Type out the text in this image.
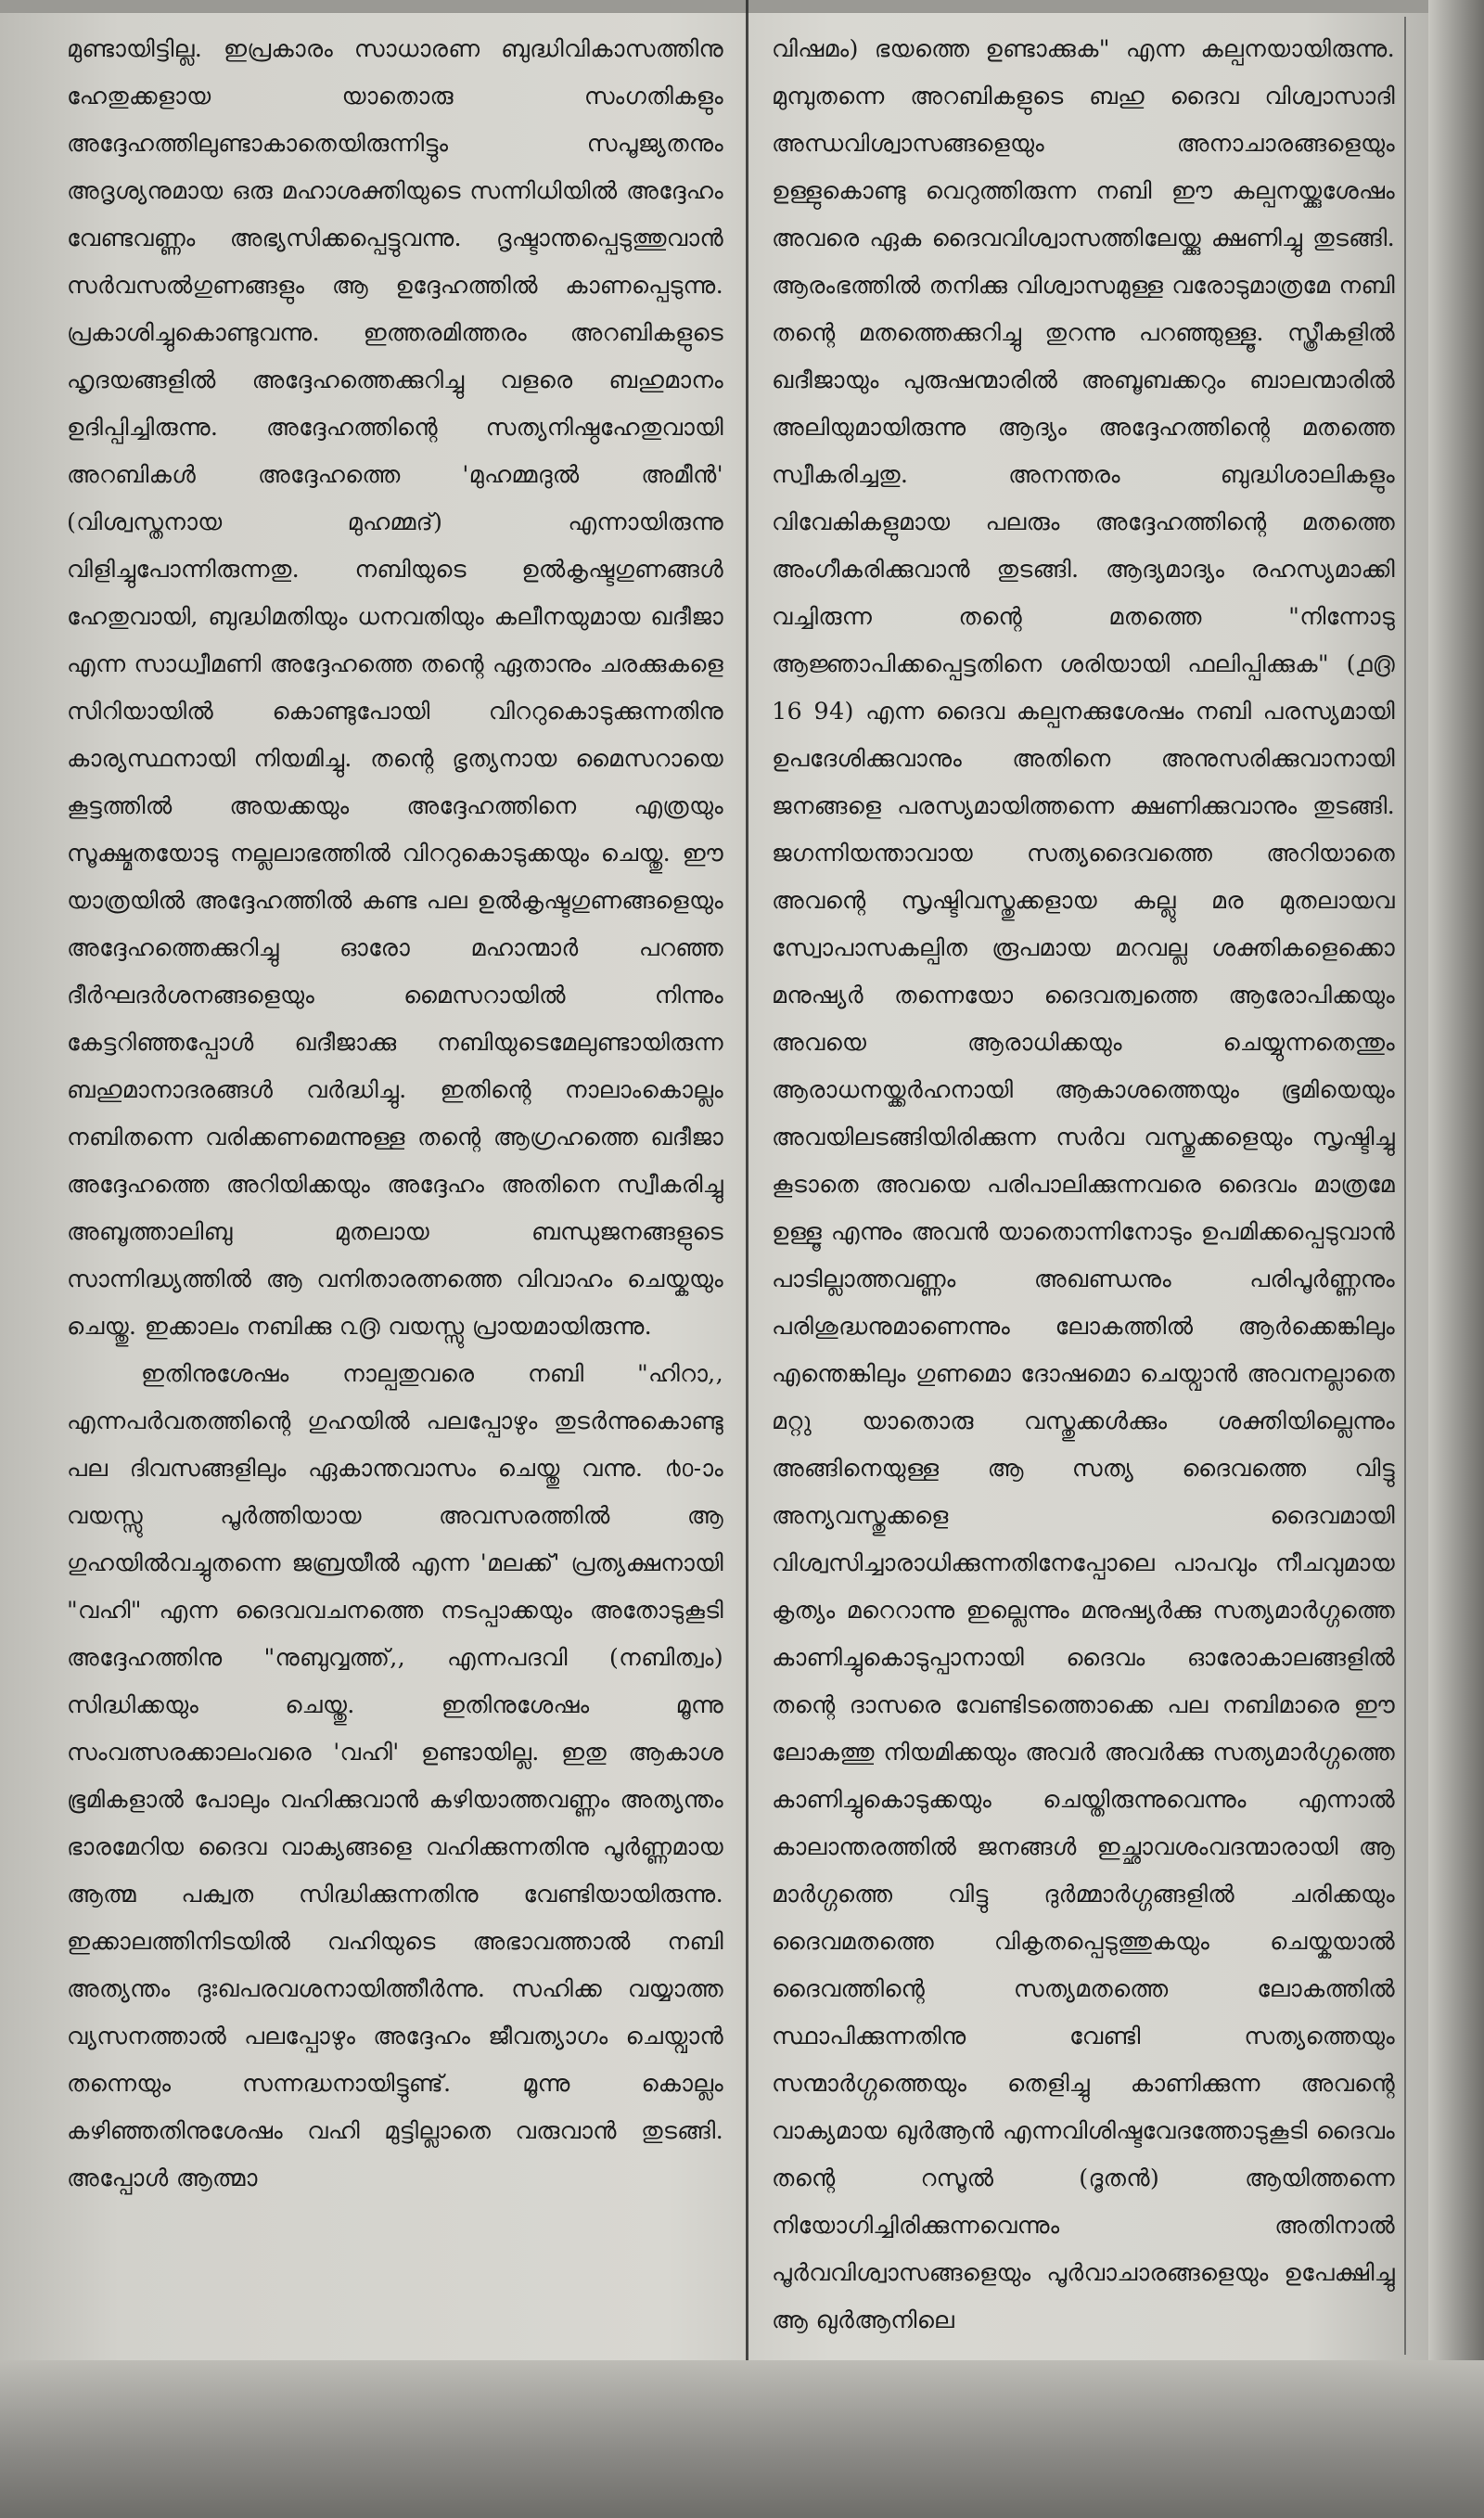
മുണ്ടായിട്ടില്ല. ഇപ്രകാരം സാധാരണ ബുദ്ധിവികാസത്തിനു ഹേതുക്കളായ യാതൊരു സംഗതികളും അദ്ദേഹത്തിലുണ്ടാകാതെയിരുന്നിട്ടും സപൂജ്യതനും അദൃശ്യനുമായ ഒരു മഹാശക്തിയുടെ സന്നിധിയിൽ അദ്ദേഹം വേണ്ടവണ്ണം അഭ്യസിക്കപ്പെട്ടുവന്നു. ദൃഷ്ടാന്തപ്പെടുത്തുവാൻ സർവസൽഗുണങ്ങളും ആ ഉദ്ദേഹത്തിൽ കാണപ്പെടുന്നു. പ്രകാശിച്ചുകൊണ്ടുവന്നു. ഇത്തരമിത്തരം അറബികളുടെ ഹൃദയങ്ങളിൽ അദ്ദേഹത്തെക്കുറിച്ചു വളരെ ബഹുമാനം ഉദിപ്പിച്ചിരുന്നു. അദ്ദേഹത്തിന്റെ സത്യനിഷ്ഠഹേതുവായി അറബികൾ അദ്ദേഹത്തെ 'മുഹമ്മദുൽ അമീൻ' (വിശ്വസ്തനായ മുഹമ്മദ്) എന്നായിരുന്നു വിളിച്ചുപോന്നിരുന്നതു. നബിയുടെ ഉൽകൃഷ്ടഗുണങ്ങൾ ഹേതുവായി, ബുദ്ധിമതിയും ധനവതിയും കലീനയുമായ ഖദീജാ എന്ന സാധ്വീമണി അദ്ദേഹത്തെ തന്റെ ഏതാനും ചരക്കുകളെ സിറിയായിൽ കൊണ്ടുപോയി വിററുകൊടുക്കുന്നതിനു കാര്യസ്ഥനായി നിയമിച്ചു. തന്റെ ഭൃത്യനായ മൈസറായെ കൂട്ടത്തിൽ അയക്കയും അദ്ദേഹത്തിനെ എത്രയും സൂക്ഷ്മതയോടു നല്ലലാഭത്തിൽ വിററുകൊടുക്കയും ചെയ്തു. ഈ യാത്രയിൽ അദ്ദേഹത്തിൽ കണ്ട പല ഉൽകൃഷ്ടഗുണങ്ങളെയും അദ്ദേഹത്തെക്കുറിച്ചു ഓരോ മഹാന്മാർ പറഞ്ഞ ദീർഘദർശനങ്ങളെയും മൈസറായിൽ നിന്നും കേട്ടറിഞ്ഞപ്പോൾ ഖദീജാക്കു നബിയുടെമേലുണ്ടായിരുന്ന ബഹുമാനാദരങ്ങൾ വർദ്ധിച്ചു. ഇതിന്റെ നാലാംകൊല്ലം നബിതന്നെ വരിക്കണമെന്നുള്ള തന്റെ ആഗ്രഹത്തെ ഖദീജാ അദ്ദേഹത്തെ അറിയിക്കയും അദ്ദേഹം അതിനെ സ്വീകരിച്ചു അബൂത്താലിബു മുതലായ ബന്ധുജനങ്ങളുടെ സാന്നിദ്ധ്യത്തിൽ ആ വനിതാരത്നത്തെ വിവാഹം ചെയ്കയും ചെയ്തു. ഇക്കാലം നബിക്കു ൨൫ വയസ്സു പ്രായമായിരുന്നു.

ഇതിനുശേഷം നാല്പതുവരെ നബി "ഹിറാ,, എന്നപർവതത്തിന്റെ ഗുഹയിൽ പലപ്പോഴും തുടർന്നുകൊണ്ടു പല ദിവസങ്ങളിലും ഏകാന്തവാസം ചെയ്തു വന്നു. ൪൦-ാം വയസ്സു പൂർത്തിയായ അവസരത്തിൽ ആ ഗുഹയിൽവച്ചുതന്നെ ജബ്രയീൽ എന്ന 'മലക്ക്' പ്രത്യക്ഷനായി "വഹി" എന്ന ദൈവവചനത്തെ നടപ്പാക്കയും അതോടുകൂടി അദ്ദേഹത്തിനു "നുബുവ്വത്ത്,, എന്നപദവി (നബിത്വം) സിദ്ധിക്കയും ചെയ്തു. ഇതിനുശേഷം മൂന്നു സംവത്സരക്കാലംവരെ 'വഹി' ഉണ്ടായില്ല. ഇതു ആകാശ ഭൂമികളാൽ പോലും വഹിക്കുവാൻ കഴിയാത്തവണ്ണം അത്യന്തം ഭാരമേറിയ ദൈവ വാക്യങ്ങളെ വഹിക്കുന്നതിനു പൂർണ്ണമായ ആത്മ പക്വത സിദ്ധിക്കുന്നതിനു വേണ്ടിയായിരുന്നു. ഇക്കാലത്തിനിടയിൽ വഹിയുടെ അഭാവത്താൽ നബി അത്യന്തം ദുഃഖപരവശനായിത്തീർന്നു. സഹിക്ക വയ്യാത്ത വ്യസനത്താൽ പലപ്പോഴും അദ്ദേഹം ജീവത്യാഗം ചെയ്വാൻ തന്നെയും സന്നദ്ധനായിട്ടുണ്ട്. മൂന്നു കൊല്ലം കഴിഞ്ഞതിനുശേഷം വഹി മുട്ടില്ലാതെ വരുവാൻ തുടങ്ങി. അപ്പോൾ ആത്മാ

വിഷമം) ഭയത്തെ ഉണ്ടാക്കുക" എന്ന കല്പനയായിരുന്നു. മുമ്പുതന്നെ അറബികളുടെ ബഹു ദൈവ വിശ്വാസാദി അന്ധവിശ്വാസങ്ങളെയും അനാചാരങ്ങളെയും ഉള്ളുകൊണ്ടു വെറുത്തിരുന്ന നബി ഈ കല്പനയ്ക്കുശേഷം അവരെ ഏക ദൈവവിശ്വാസത്തിലേയ്ക്കു ക്ഷണിച്ചു തുടങ്ങി. ആരംഭത്തിൽ തനിക്കു വിശ്വാസമുള്ള വരോടുമാത്രമേ നബി തന്റെ മതത്തെക്കുറിച്ചു തുറന്നു പറഞ്ഞുള്ളൂ. സ്ത്രീകളിൽ ഖദീജായും പുരുഷന്മാരിൽ അബൂബക്കറും ബാലന്മാരിൽ അലിയുമായിരുന്നു ആദ്യം അദ്ദേഹത്തിന്റെ മതത്തെ സ്വീകരിച്ചതു. അനന്തരം ബുദ്ധിശാലികളും വിവേകികളുമായ പലരും അദ്ദേഹത്തിന്റെ മതത്തെ അംഗീകരിക്കുവാൻ തുടങ്ങി. ആദ്യമാദ്യം രഹസ്യമാക്കി വച്ചിരുന്ന തന്റെ മതത്തെ "നിന്നോടു ആജ്ഞാപിക്കപ്പെട്ടതിനെ ശരിയായി ഫലിപ്പിക്കുക" (൧൫ 16 94) എന്ന ദൈവ കല്പനക്കുശേഷം നബി പരസ്യമായി ഉപദേശിക്കുവാനും അതിനെ അനുസരിക്കുവാനായി ജനങ്ങളെ പരസ്യമായിത്തന്നെ ക്ഷണിക്കുവാനും തുടങ്ങി. ജഗന്നിയന്താവായ സത്യദൈവത്തെ അറിയാതെ അവന്റെ സൃഷ്ടിവസ്തുക്കളായ കല്ലു മര മുതലായവ സ്വോപാസകല്പിത രൂപമായ മറവല്ല ശക്തികളെക്കൊ മനുഷ്യർ തന്നെയോ ദൈവത്വത്തെ ആരോപിക്കയും അവയെ ആരാധിക്കയും ചെയ്യുന്നതെന്തും ആരാധനയ്ക്കർഹനായി ആകാശത്തെയും ഭൂമിയെയും അവയിലടങ്ങിയിരിക്കുന്ന സർവ വസ്തുക്കളെയും സൃഷ്ടിച്ചു കൂടാതെ അവയെ പരിപാലിക്കുന്നവരെ ദൈവം മാത്രമേ ഉള്ളൂ എന്നും അവൻ യാതൊന്നിനോടും ഉപമിക്കപ്പെടുവാൻ പാടില്ലാത്തവണ്ണം അഖണ്ഡനും പരിപൂർണ്ണനും പരിശുദ്ധനുമാണെന്നും ലോകത്തിൽ ആർക്കെങ്കിലും എന്തെങ്കിലും ഗുണമൊ ദോഷമൊ ചെയ്വാൻ അവനല്ലാതെ മറ്റു യാതൊരു വസ്തുക്കൾക്കും ശക്തിയില്ലെന്നും അങ്ങിനെയുള്ള ആ സത്യ ദൈവത്തെ വിട്ടു അന്യവസ്തുക്കളെ ദൈവമായി വിശ്വസിച്ചാരാധിക്കുന്നതിനേപ്പോലെ പാപവും നീചവുമായ കൃത്യം മറെറാന്നു ഇല്ലെന്നും മനുഷ്യർക്കു സത്യമാർഗ്ഗത്തെ കാണിച്ചുകൊടുപ്പാനായി ദൈവം ഓരോകാലങ്ങളിൽ തന്റെ ദാസരെ വേണ്ടിടത്തൊക്കെ പല നബിമാരെ ഈ ലോകത്തു നിയമിക്കയും അവർ അവർക്കു സത്യമാർഗ്ഗത്തെ കാണിച്ചുകൊടുക്കയും ചെയ്തിരുന്നുവെന്നും എന്നാൽ കാലാന്തരത്തിൽ ജനങ്ങൾ ഇച്ഛാവശംവദന്മാരായി ആ മാർഗ്ഗത്തെ വിട്ടു ദുർമ്മാർഗ്ഗങ്ങളിൽ ചരിക്കയും ദൈവമതത്തെ വികൃതപ്പെടുത്തുകയും ചെയ്കയാൽ ദൈവത്തിന്റെ സത്യമതത്തെ ലോകത്തിൽ സ്ഥാപിക്കുന്നതിനു വേണ്ടി സത്യത്തെയും സന്മാർഗ്ഗത്തെയും തെളിച്ചു കാണിക്കുന്ന അവന്റെ വാക്യമായ ഖുർആൻ എന്നവിശിഷ്ടവേദത്തോടുകൂടി ദൈവം തന്റെ റസൂൽ (ദൂതൻ) ആയിത്തന്നെ നിയോഗിച്ചിരിക്കുന്നവെന്നും അതിനാൽ പൂർവവിശ്വാസങ്ങളെയും പൂർവാചാരങ്ങളെയും ഉപേക്ഷിച്ചു ആ ഖുർആനിലെ
